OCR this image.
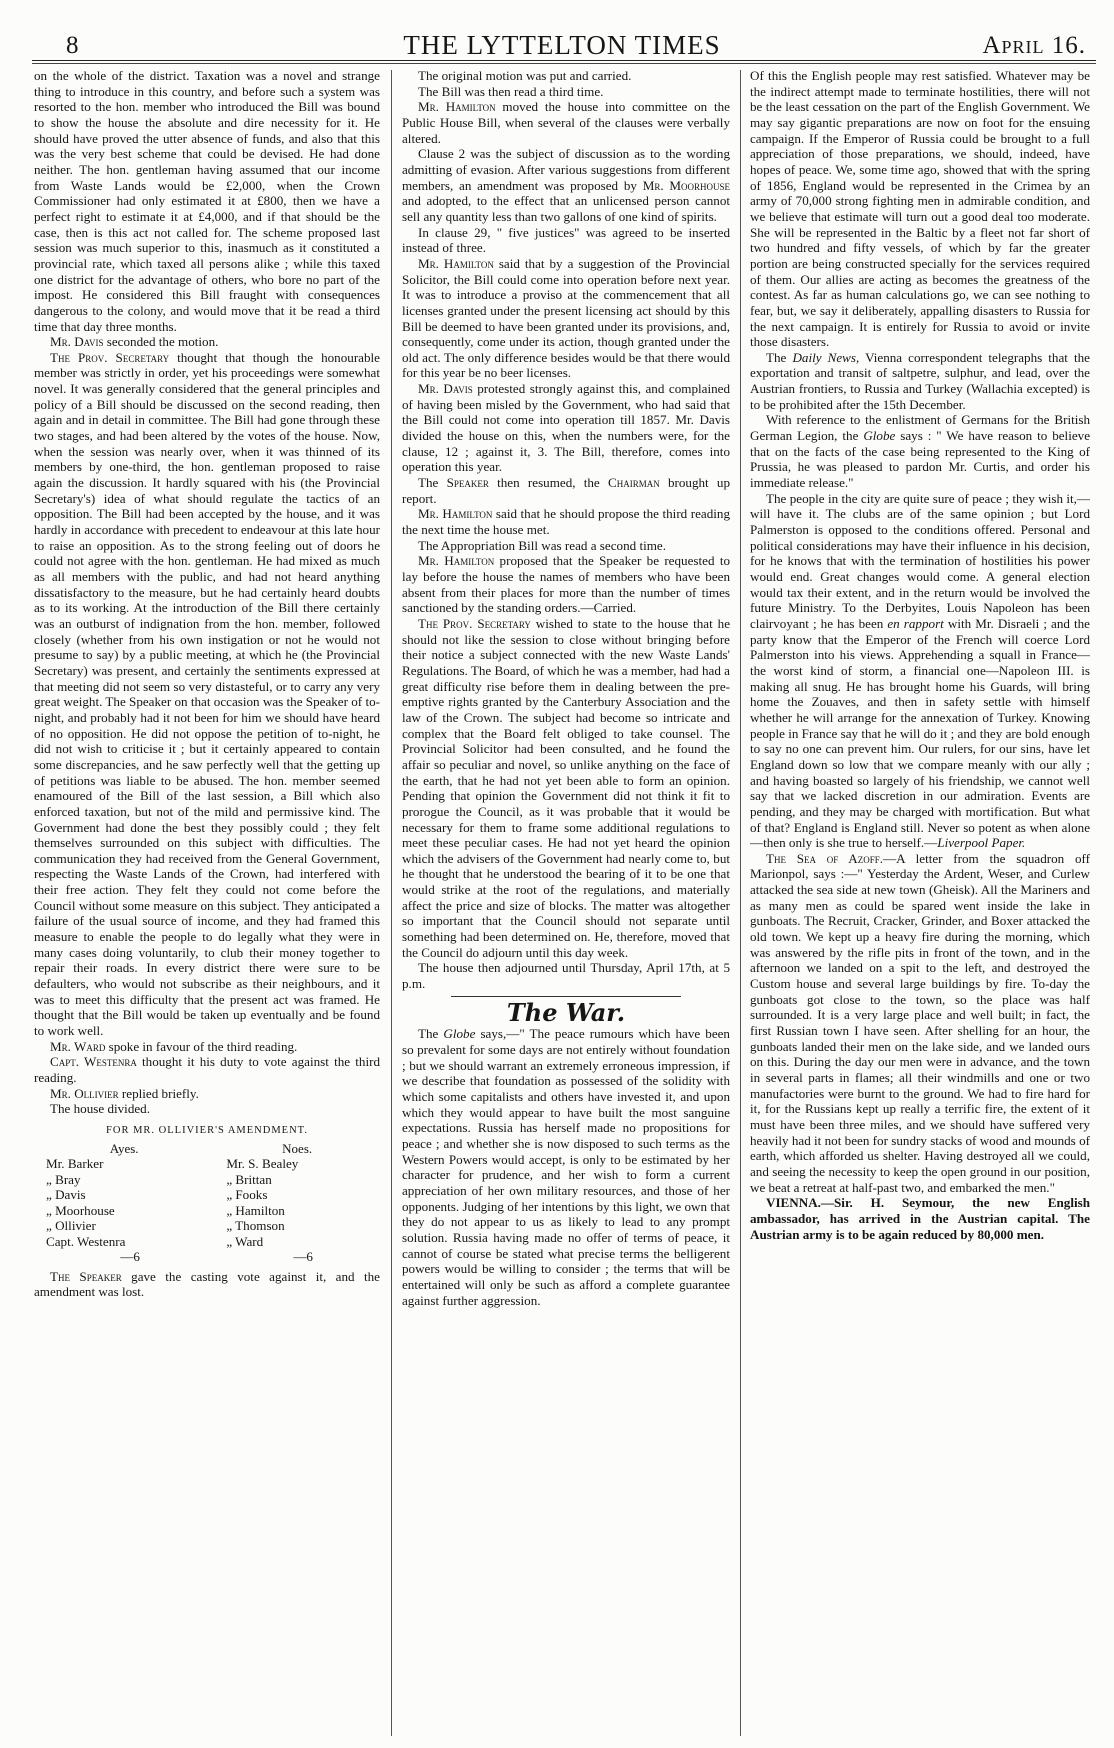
8	THE LYTTELTON TIMES	April 16.

on the whole of the district. Taxation was a novel and strange thing to introduce in this country, and before such a system was resorted to the hon. member who introduced the Bill was bound to show the house the absolute and dire necessity for it. He should have proved the utter absence of funds, and also that this was the very best scheme that could be devised. He had done neither. The hon. gentleman having assumed that our income from Waste Lands would be £2,000, when the Crown Commissioner had only estimated it at £800, then we have a perfect right to estimate it at £4,000, and if that should be the case, then is this act not called for. The scheme proposed last session was much superior to this, inasmuch as it constituted a provincial rate, which taxed all persons alike ; while this taxed one district for the advantage of others, who bore no part of the impost. He considered this Bill fraught with consequences dangerous to the colony, and would move that it be read a third time that day three months.

Mr. Davis seconded the motion.

The Prov. Secretary thought that though the honourable member was strictly in order, yet his proceedings were somewhat novel. It was generally considered that the general principles and policy of a Bill should be discussed on the second reading, then again and in detail in committee. The Bill had gone through these two stages, and had been altered by the votes of the house. Now, when the session was nearly over, when it was thinned of its members by one-third, the hon. gentleman proposed to raise again the discussion. It hardly squared with his (the Provincial Secretary's) idea of what should regulate the tactics of an opposition. The Bill had been accepted by the house, and it was hardly in accordance with precedent to endeavour at this late hour to raise an opposition. As to the strong feeling out of doors he could not agree with the hon. gentleman. He had mixed as much as all members with the public, and had not heard anything dissatisfactory to the measure, but he had certainly heard doubts as to its working. At the introduction of the Bill there certainly was an outburst of indignation from the hon. member, followed closely (whether from his own instigation or not he would not presume to say) by a public meeting, at which he (the Provincial Secretary) was present, and certainly the sentiments expressed at that meeting did not seem so very distasteful, or to carry any very great weight. The Speaker on that occasion was the Speaker of to-night, and probably had it not been for him we should have heard of no opposition. He did not oppose the petition of to-night, he did not wish to criticise it ; but it certainly appeared to contain some discrepancies, and he saw perfectly well that the getting up of petitions was liable to be abused. The hon. member seemed enamoured of the Bill of the last session, a Bill which also enforced taxation, but not of the mild and permissive kind. The Government had done the best they possibly could ; they felt themselves surrounded on this subject with difficulties. The communication they had received from the General Government, respecting the Waste Lands of the Crown, had interfered with their free action. They felt they could not come before the Council without some measure on this subject. They anticipated a failure of the usual source of income, and they had framed this measure to enable the people to do legally what they were in many cases doing voluntarily, to club their money together to repair their roads. In every district there were sure to be defaulters, who would not subscribe as their neighbours, and it was to meet this difficulty that the present act was framed. He thought that the Bill would be taken up eventually and be found to work well.

Mr. Ward spoke in favour of the third reading.

Capt. Westenra thought it his duty to vote against the third reading.

Mr. Ollivier replied briefly.

The house divided.

FOR MR. OLLIVIER'S AMENDMENT.
Ayes.	Noes.
Mr. Barker	Mr. S. Bealey
„ Bray	„ Brittan
„ Davis	„ Fooks
„ Moorhouse	„ Hamilton
„ Ollivier	„ Thomson
Capt. Westenra	„ Ward
—6	—6

The Speaker gave the casting vote against it, and the amendment was lost.

The original motion was put and carried.

The Bill was then read a third time.

Mr. Hamilton moved the house into committee on the Public House Bill, when several of the clauses were verbally altered.

Clause 2 was the subject of discussion as to the wording admitting of evasion. After various suggestions from different members, an amendment was proposed by Mr. Moorhouse and adopted, to the effect that an unlicensed person cannot sell any quantity less than two gallons of one kind of spirits.

In clause 29, " five justices" was agreed to be inserted instead of three.

Mr. Hamilton said that by a suggestion of the Provincial Solicitor, the Bill could come into operation before next year. It was to introduce a proviso at the commencement that all licenses granted under the present licensing act should by this Bill be deemed to have been granted under its provisions, and, consequently, come under its action, though granted under the old act. The only difference besides would be that there would for this year be no beer licenses.

Mr. Davis protested strongly against this, and complained of having been misled by the Government, who had said that the Bill could not come into operation till 1857. Mr. Davis divided the house on this, when the numbers were, for the clause, 12 ; against it, 3. The Bill, therefore, comes into operation this year.

The Speaker then resumed, the Chairman brought up report.

Mr. Hamilton said that he should propose the third reading the next time the house met.

The Appropriation Bill was read a second time.

Mr. Hamilton proposed that the Speaker be requested to lay before the house the names of members who have been absent from their places for more than the number of times sanctioned by the standing orders.—Carried.

The Prov. Secretary wished to state to the house that he should not like the session to close without bringing before their notice a subject connected with the new Waste Lands' Regulations. The Board, of which he was a member, had had a great difficulty rise before them in dealing between the pre-emptive rights granted by the Canterbury Association and the law of the Crown. The subject had become so intricate and complex that the Board felt obliged to take counsel. The Provincial Solicitor had been consulted, and he found the affair so peculiar and novel, so unlike anything on the face of the earth, that he had not yet been able to form an opinion. Pending that opinion the Government did not think it fit to prorogue the Council, as it was probable that it would be necessary for them to frame some additional regulations to meet these peculiar cases. He had not yet heard the opinion which the advisers of the Government had nearly come to, but he thought that he understood the bearing of it to be one that would strike at the root of the regulations, and materially affect the price and size of blocks. The matter was altogether so important that the Council should not separate until something had been determined on. He, therefore, moved that the Council do adjourn until this day week.

The house then adjourned until Thursday, April 17th, at 5 p.m.

The War.

The Globe says,—" The peace rumours which have been so prevalent for some days are not entirely without foundation ; but we should warrant an extremely erroneous impression, if we describe that foundation as possessed of the solidity with which some capitalists and others have invested it, and upon which they would appear to have built the most sanguine expectations. Russia has herself made no propositions for peace ; and whether she is now disposed to such terms as the Western Powers would accept, is only to be estimated by her character for prudence, and her wish to form a current appreciation of her own military resources, and those of her opponents. Judging of her intentions by this light, we own that they do not appear to us as likely to lead to any prompt solution. Russia having made no offer of terms of peace, it cannot of course be stated what precise terms the belligerent powers would be willing to consider ; the terms that will be entertained will only be such as afford a complete guarantee against further aggression.

Of this the English people may rest satisfied. Whatever may be the indirect attempt made to terminate hostilities, there will not be the least cessation on the part of the English Government. We may say gigantic preparations are now on foot for the ensuing campaign. If the Emperor of Russia could be brought to a full appreciation of those preparations, we should, indeed, have hopes of peace. We, some time ago, showed that with the spring of 1856, England would be represented in the Crimea by an army of 70,000 strong fighting men in admirable condition, and we believe that estimate will turn out a good deal too moderate. She will be represented in the Baltic by a fleet not far short of two hundred and fifty vessels, of which by far the greater portion are being constructed specially for the services required of them. Our allies are acting as becomes the greatness of the contest. As far as human calculations go, we can see nothing to fear, but, we say it deliberately, appalling disasters to Russia for the next campaign. It is entirely for Russia to avoid or invite those disasters.

The Daily News, Vienna correspondent telegraphs that the exportation and transit of saltpetre, sulphur, and lead, over the Austrian frontiers, to Russia and Turkey (Wallachia excepted) is to be prohibited after the 15th December.

With reference to the enlistment of Germans for the British German Legion, the Globe says : " We have reason to believe that on the facts of the case being represented to the King of Prussia, he was pleased to pardon Mr. Curtis, and order his immediate release."

The people in the city are quite sure of peace ; they wish it,—will have it. The clubs are of the same opinion ; but Lord Palmerston is opposed to the conditions offered. Personal and political considerations may have their influence in his decision, for he knows that with the termination of hostilities his power would end. Great changes would come. A general election would tax their extent, and in the return would be involved the future Ministry. To the Derbyites, Louis Napoleon has been clairvoyant ; he has been en rapport with Mr. Disraeli ; and the party know that the Emperor of the French will coerce Lord Palmerston into his views. Apprehending a squall in France—the worst kind of storm, a financial one—Napoleon III. is making all snug. He has brought home his Guards, will bring home the Zouaves, and then in safety settle with himself whether he will arrange for the annexation of Turkey. Knowing people in France say that he will do it ; and they are bold enough to say no one can prevent him. Our rulers, for our sins, have let England down so low that we compare meanly with our ally ; and having boasted so largely of his friendship, we cannot well say that we lacked discretion in our admiration. Events are pending, and they may be charged with mortification. But what of that? England is England still. Never so potent as when alone—then only is she true to herself.—Liverpool Paper.

The Sea of Azoff.—A letter from the squadron off Marionpol, says :—" Yesterday the Ardent, Weser, and Curlew attacked the sea side at new town (Gheisk). All the Mariners and as many men as could be spared went inside the lake in gunboats. The Recruit, Cracker, Grinder, and Boxer attacked the old town. We kept up a heavy fire during the morning, which was answered by the rifle pits in front of the town, and in the afternoon we landed on a spit to the left, and destroyed the Custom house and several large buildings by fire. To-day the gunboats got close to the town, so the place was half surrounded. It is a very large place and well built; in fact, the first Russian town I have seen. After shelling for an hour, the gunboats landed their men on the lake side, and we landed ours on this. During the day our men were in advance, and the town in several parts in flames; all their windmills and one or two manufactories were burnt to the ground. We had to fire hard for it, for the Russians kept up really a terrific fire, the extent of it must have been three miles, and we should have suffered very heavily had it not been for sundry stacks of wood and mounds of earth, which afforded us shelter. Having destroyed all we could, and seeing the necessity to keep the open ground in our position, we beat a retreat at half-past two, and embarked the men."

VIENNA.—Sir. H. Seymour, the new English ambassador, has arrived in the Austrian capital. The Austrian army is to be again reduced by 80,000 men.
